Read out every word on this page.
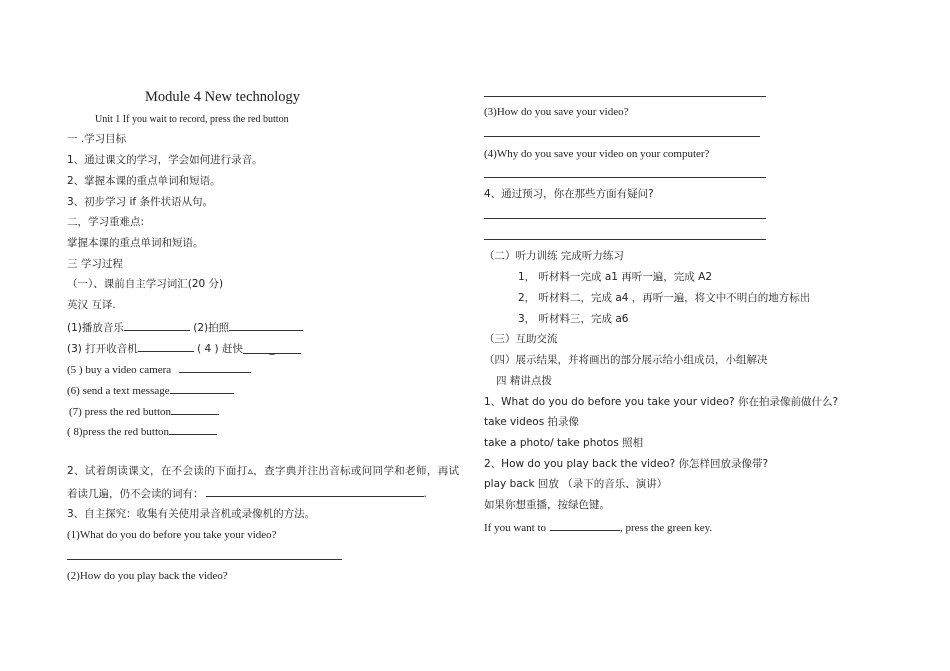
Module 4 New technology
Unit 1 If you wait to record, press the red button
一 .学习目标
1、通过课文的学习，学会如何进行录音。
2、掌握本课的重点单词和短语。
3、初步学习 if 条件状语从句。
二，学习重难点:
掌握本课的重点单词和短语。
三 学习过程
（一）、课前自主学习词汇(20 分)
英汉 互译.
(1)播放音乐	(2)拍照
(3) 打开收音机	( 4 ) 赶快	_
(5 ) buy a video camera
(6) send a text message
(7) press the red button
( 8)press the red button
2、试着朗读课文，在不会读的下面打▵，查字典并注出音标或问同学和老师，再试
着读几遍，仍不会读的词有：	.
3、自主探究：收集有关使用录音机或录像机的方法。
(1)What do you do before you take your video?
(2)How do you play back the video?
(3)How do you save your video?
(4)Why do you save your video on your computer?
4、通过预习，你在那些方面有疑问?
（二）听力训练 完成听力练习
1， 听材料一完成 a1 再听一遍，完成 A2
2， 听材料二，完成 a4 ，再听一遍，将文中不明白的地方标出
3， 听材料三，完成 a6
（三）互助交流
（四）展示结果，并将画出的部分展示给小组成员，小组解决
四 精讲点拨
1、What do you do before you take your video? 你在拍录像前做什么?
take videos 拍录像
take a photo/ take photos 照相
2、How do you play back the video? 你怎样回放录像带?
play back 回放 （录下的音乐、演讲）
如果你想重播，按绿色键。
If you want to	, press the green key.
